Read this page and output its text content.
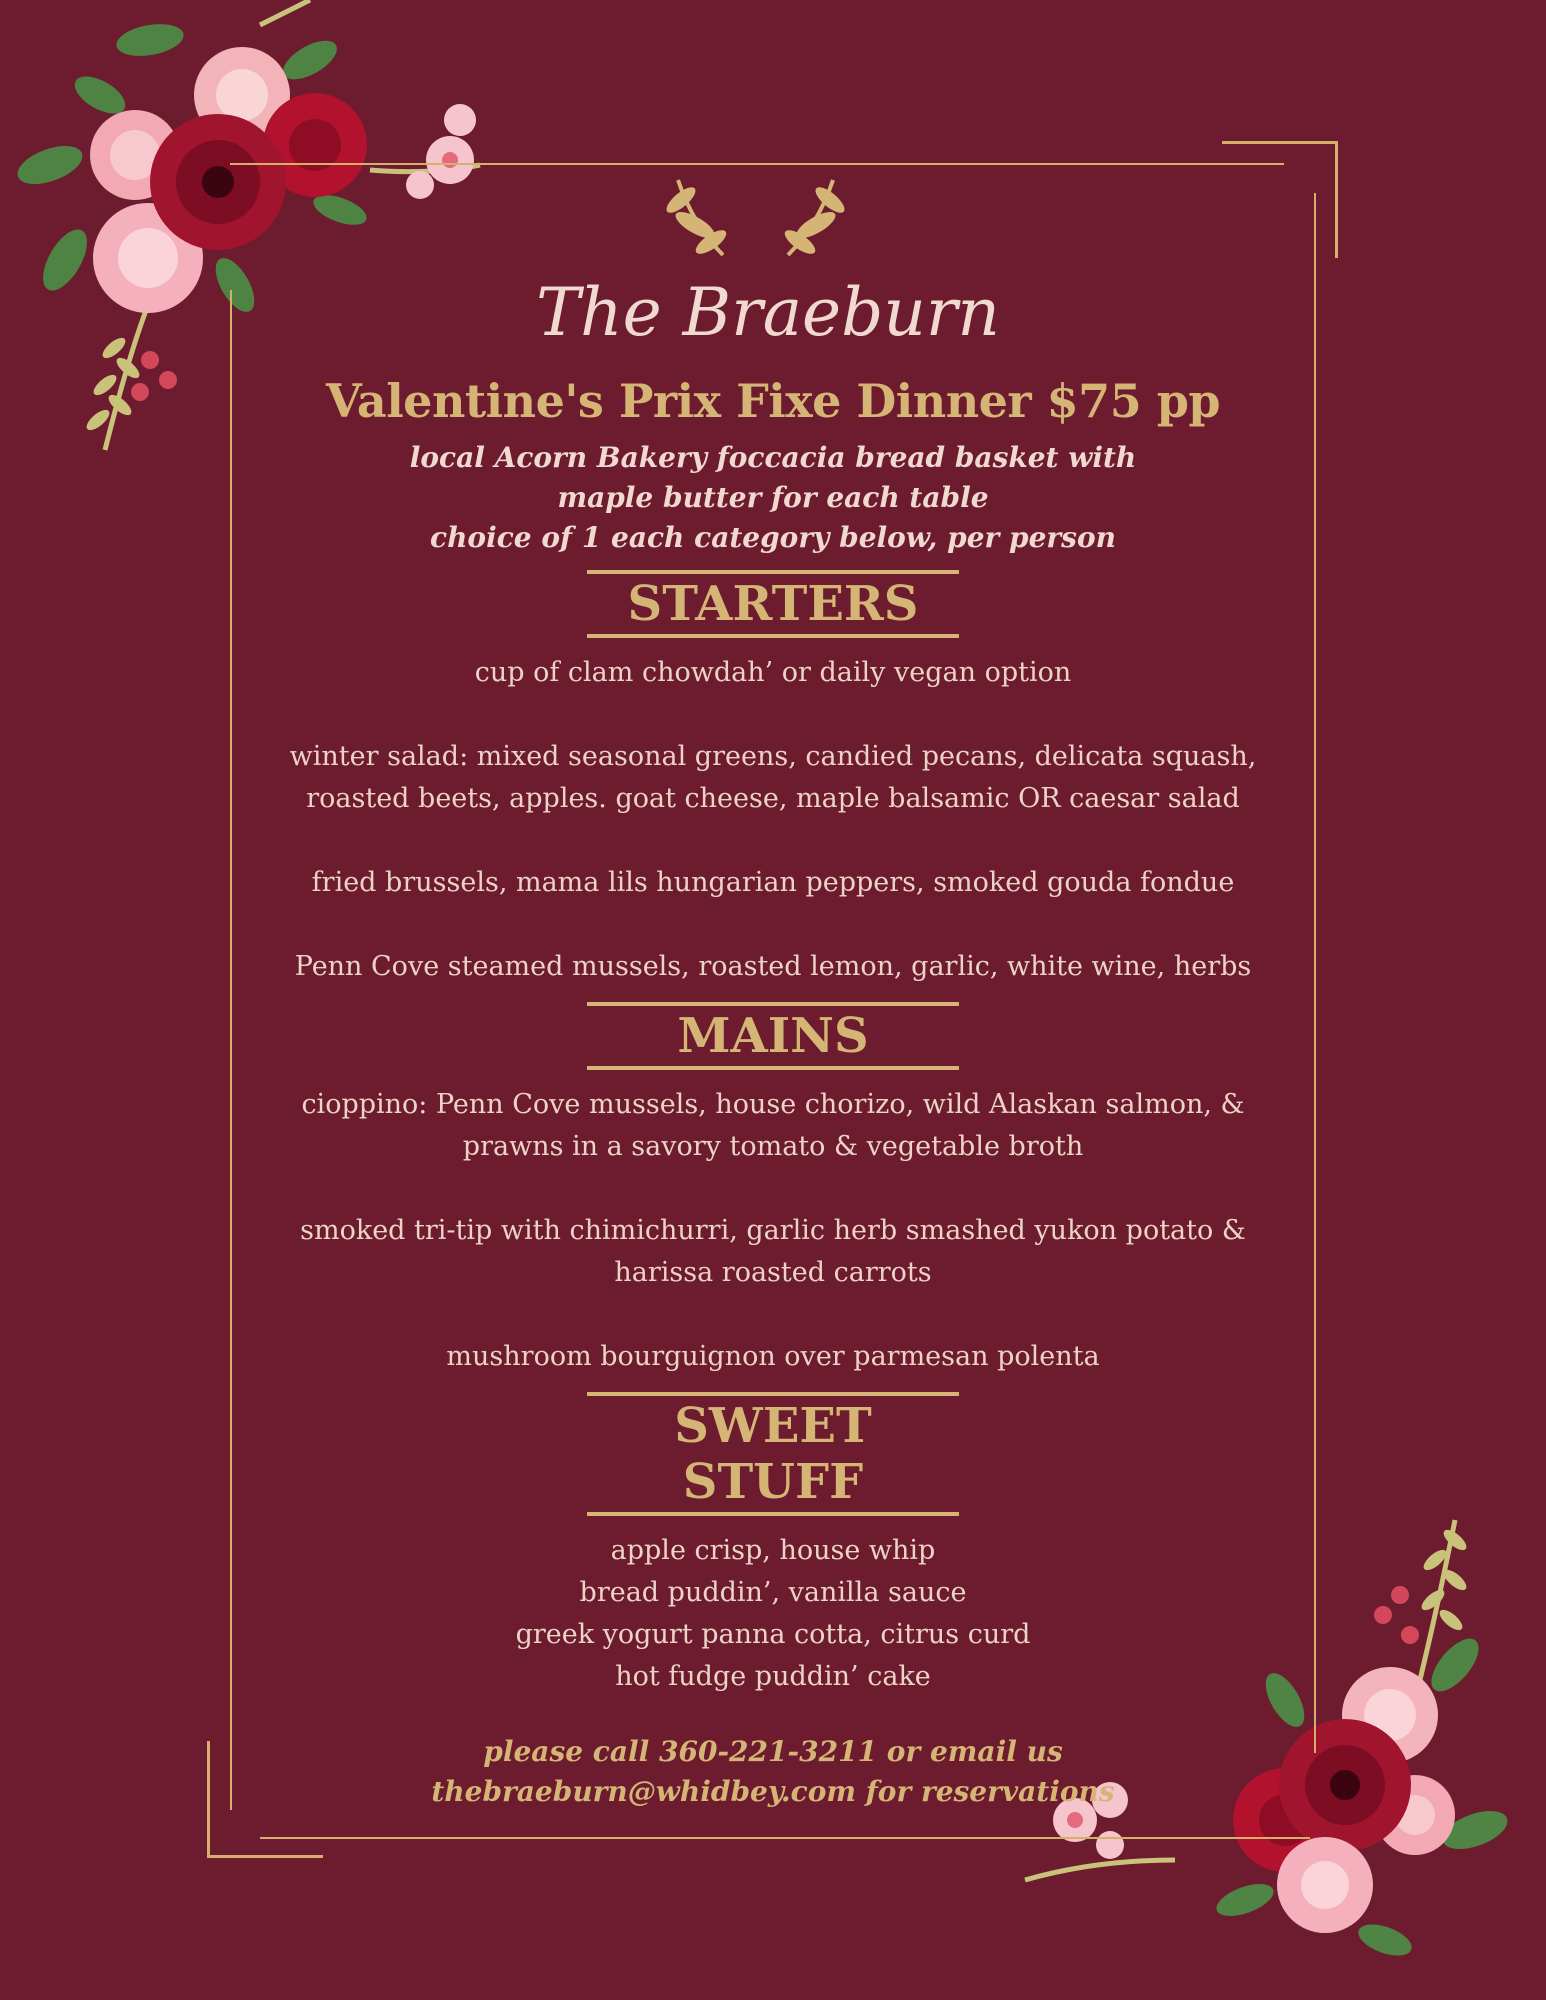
The Braeburn
Valentine's Prix Fixe Dinner $75 pp
local Acorn Bakery foccacia bread basket with
maple butter for each table
choice of 1 each category below, per person
STARTERS
cup of clam chowdah’ or daily vegan option
winter salad: mixed seasonal greens, candied pecans, delicata squash, roasted beets, apples. goat cheese, maple balsamic OR caesar salad
fried brussels, mama lils hungarian peppers, smoked gouda fondue
Penn Cove steamed mussels, roasted lemon, garlic, white wine, herbs
MAINS
cioppino: Penn Cove mussels, house chorizo, wild Alaskan salmon, & prawns in a savory tomato & vegetable broth
smoked tri-tip with chimichurri, garlic herb smashed yukon potato & harissa roasted carrots
mushroom bourguignon over parmesan polenta
SWEET STUFF
apple crisp, house whip
bread puddin’, vanilla sauce
greek yogurt panna cotta, citrus curd
hot fudge puddin’ cake
please call 360-221-3211 or email us
thebraeburn@whidbey.com for reservations
